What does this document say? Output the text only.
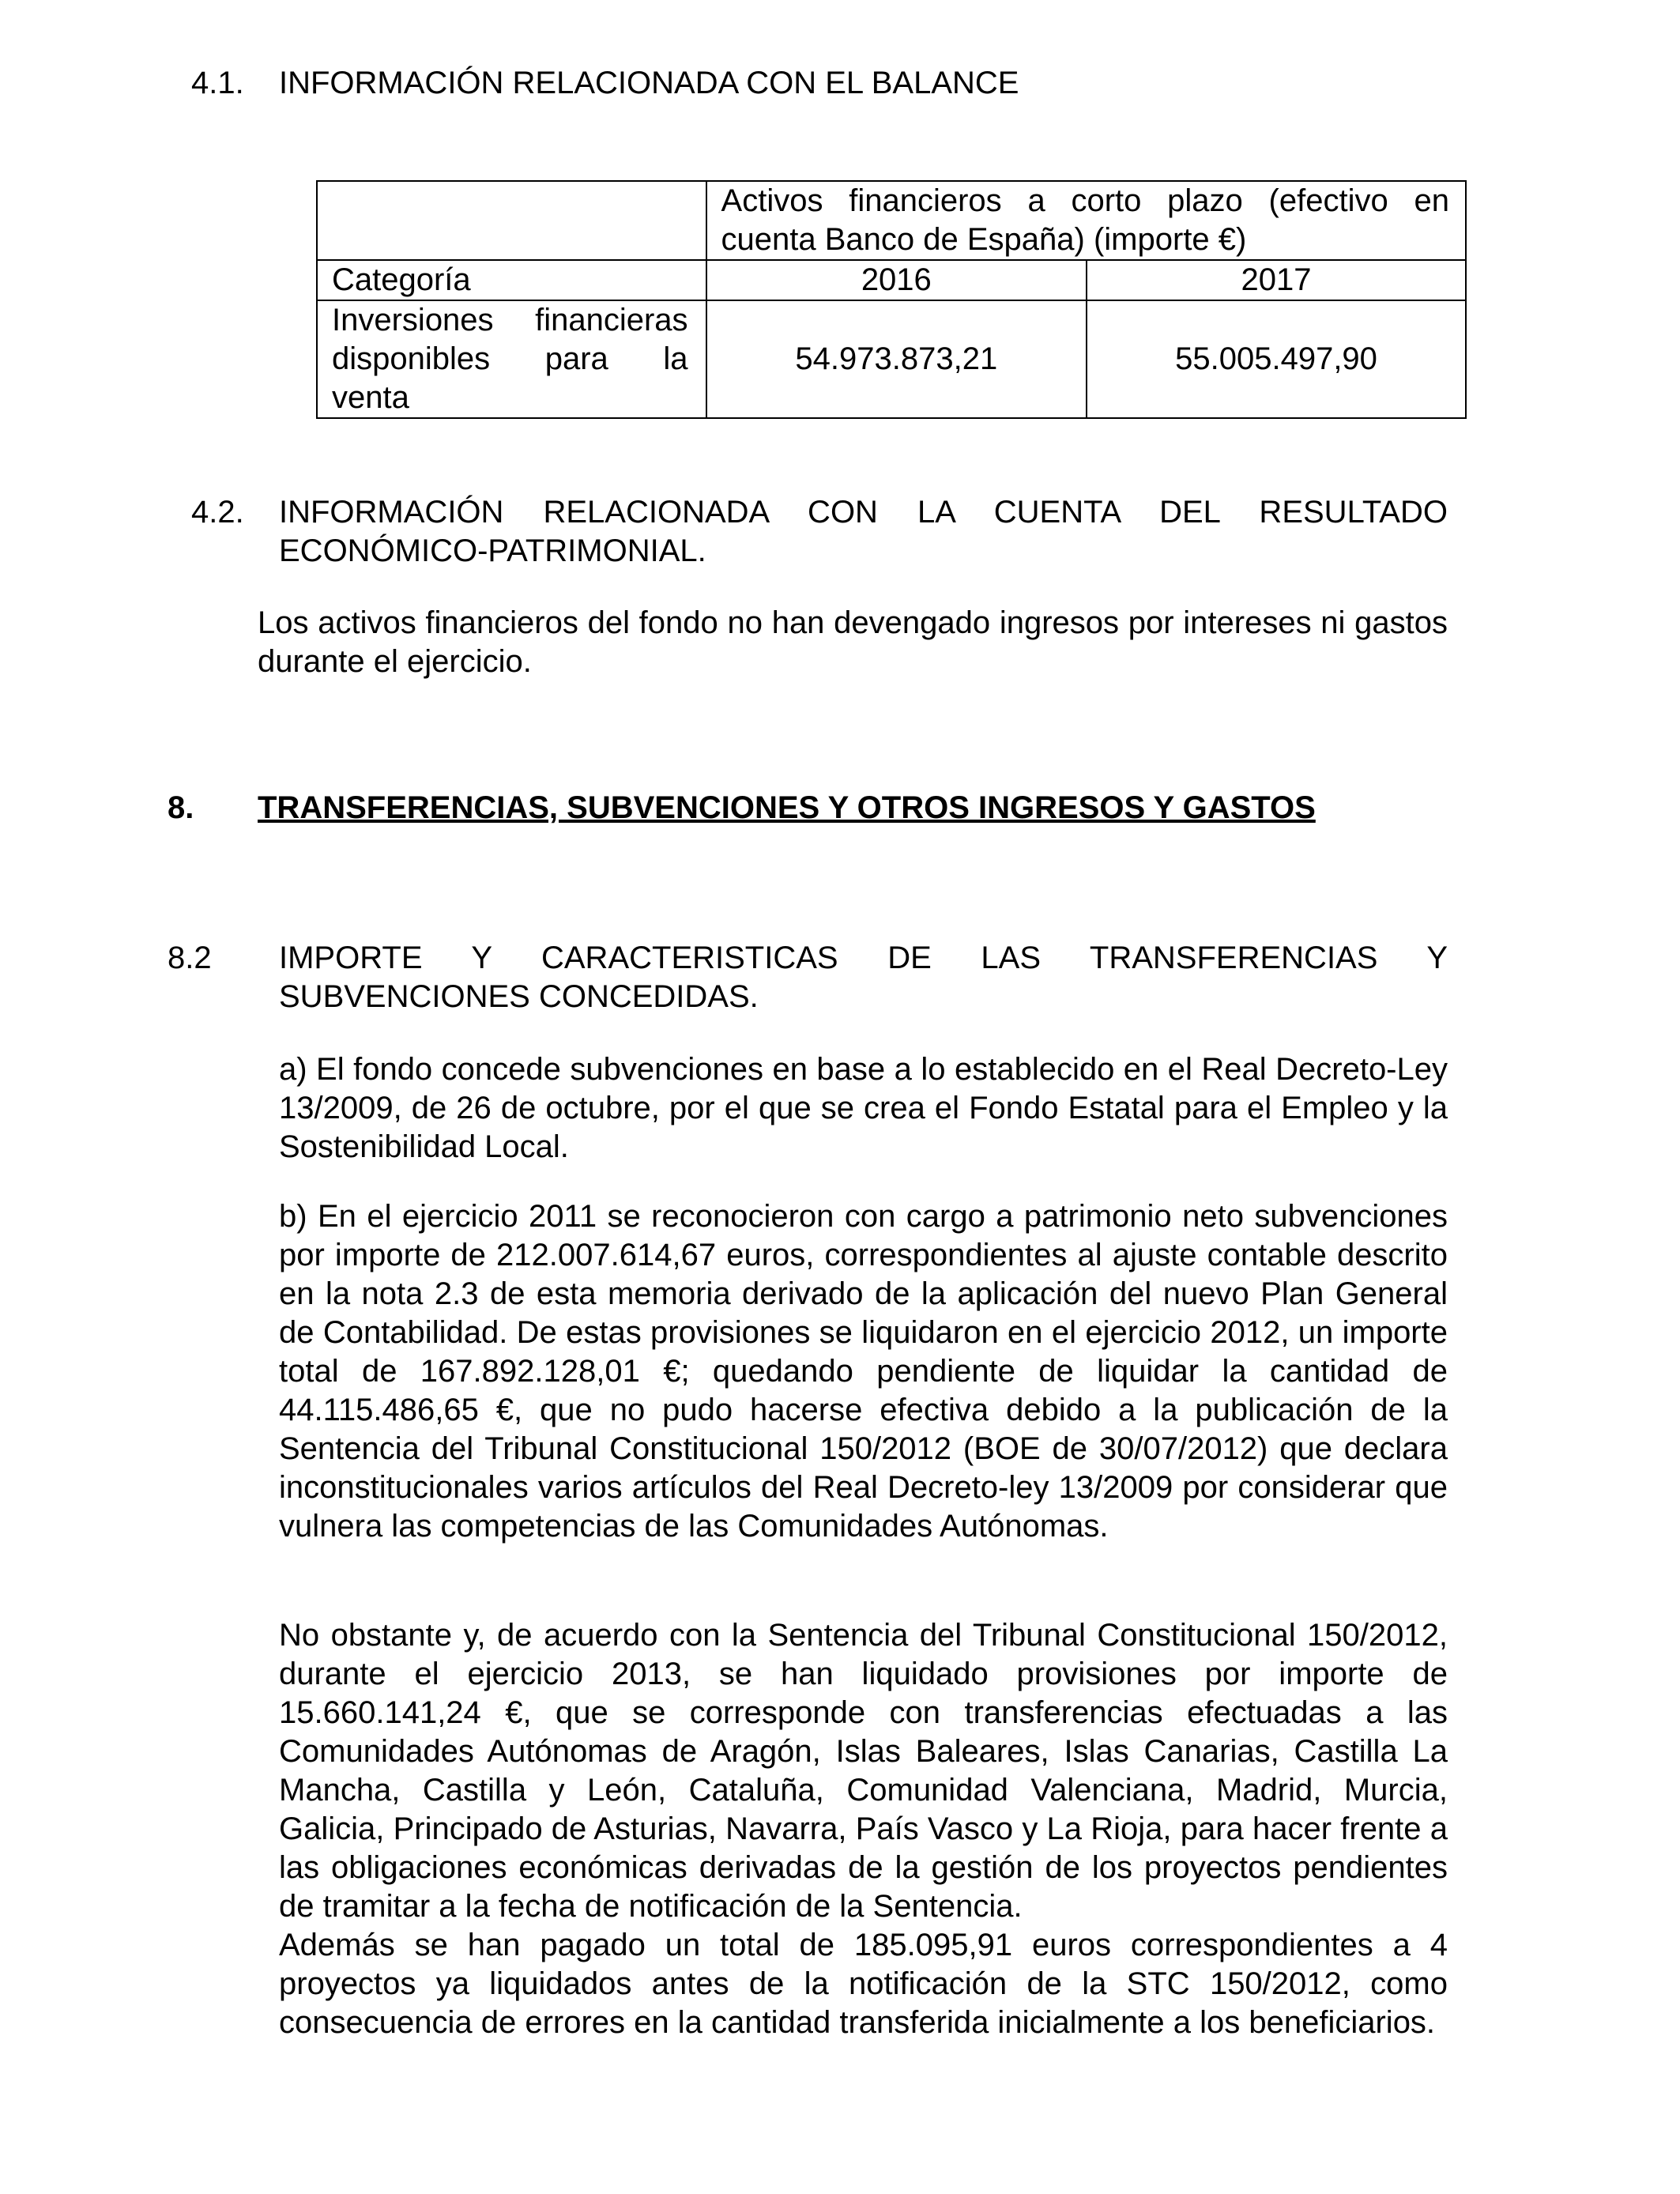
4.1. INFORMACIÓN RELACIONADA CON EL BALANCE

	Activos financieros a corto plazo (efectivo en
cuenta Banco de España) (importe €)	

Categoría	2016	2017

Inversiones financieras
disponibles para la
venta	54.973.873,21	55.005.497,90
4.2. INFORMACIÓN RELACIONADA CON LA CUENTA DEL RESULTADO
ECONÓMICO-PATRIMONIAL.
Los activos financieros del fondo no han devengado ingresos por intereses ni gastos durante el ejercicio.
8. TRANSFERENCIAS, SUBVENCIONES Y OTROS INGRESOS Y GASTOS
8.2 IMPORTE Y CARACTERISTICAS DE LAS TRANSFERENCIAS Y
SUBVENCIONES CONCEDIDAS.
a) El fondo concede subvenciones en base a lo establecido en el Real Decreto-Ley 13/2009, de 26 de octubre, por el que se crea el Fondo Estatal para el Empleo y la Sostenibilidad Local.
b) En el ejercicio 2011 se reconocieron con cargo a patrimonio neto subvenciones por importe de 212.007.614,67 euros, correspondientes al ajuste contable descrito en la nota 2.3 de esta memoria derivado de la aplicación del nuevo Plan General de Contabilidad. De estas provisiones se liquidaron en el ejercicio 2012, un importe total de 167.892.128,01 €; quedando pendiente de liquidar la cantidad de 44.115.486,65 €, que no pudo hacerse efectiva debido a la publicación de la Sentencia del Tribunal Constitucional 150/2012 (BOE de 30/07/2012) que declara inconstitucionales varios artículos del Real Decreto-ley 13/2009 por considerar que vulnera las competencias de las Comunidades Autónomas.
No obstante y, de acuerdo con la Sentencia del Tribunal Constitucional 150/2012, durante el ejercicio 2013, se han liquidado provisiones por importe de 15.660.141,24 €, que se corresponde con transferencias efectuadas a las Comunidades Autónomas de Aragón, Islas Baleares, Islas Canarias, Castilla La Mancha, Castilla y León, Cataluña, Comunidad Valenciana, Madrid, Murcia, Galicia, Principado de Asturias, Navarra, País Vasco y La Rioja, para hacer frente a las obligaciones económicas derivadas de la gestión de los proyectos pendientes de tramitar a la fecha de notificación de la Sentencia.
Además se han pagado un total de 185.095,91 euros correspondientes a 4 proyectos ya liquidados antes de la notificación de la STC 150/2012, como consecuencia de errores en la cantidad transferida inicialmente a los beneficiarios.
